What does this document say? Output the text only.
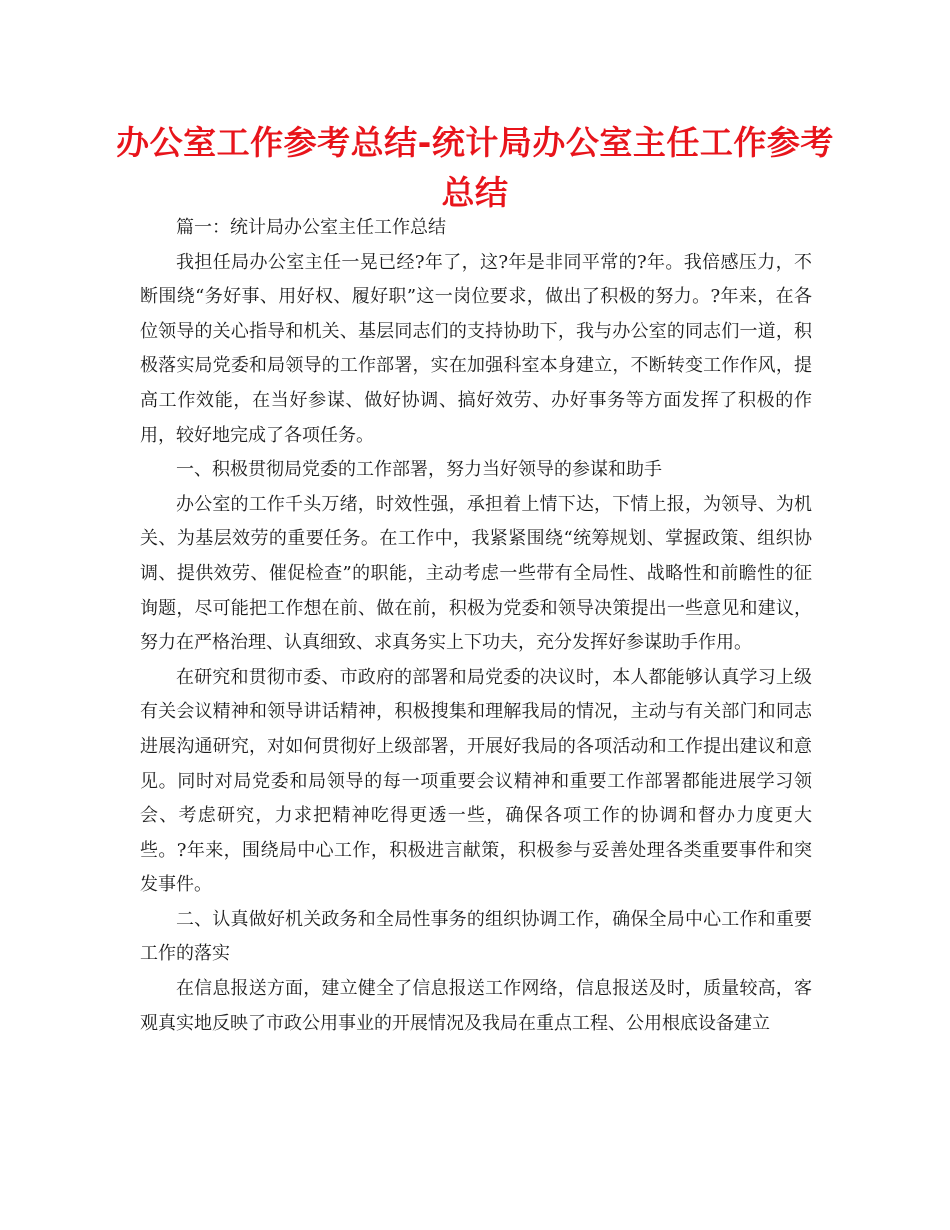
办公室工作参考总结-统计局办公室主任工作参考总结

篇一：统计局办公室主任工作总结

我担任局办公室主任一晃已经?年了，这?年是非同平常的?年。我倍感压力，不断围绕“务好事、用好权、履好职”这一岗位要求，做出了积极的努力。?年来，在各位领导的关心指导和机关、基层同志们的支持协助下，我与办公室的同志们一道，积极落实局党委和局领导的工作部署，实在加强科室本身建立，不断转变工作作风，提高工作效能，在当好参谋、做好协调、搞好效劳、办好事务等方面发挥了积极的作用，较好地完成了各项任务。

一、积极贯彻局党委的工作部署，努力当好领导的参谋和助手

办公室的工作千头万绪，时效性强，承担着上情下达，下情上报，为领导、为机关、为基层效劳的重要任务。在工作中，我紧紧围绕“统筹规划、掌握政策、组织协调、提供效劳、催促检查”的职能，主动考虑一些带有全局性、战略性和前瞻性的征询题，尽可能把工作想在前、做在前，积极为党委和领导决策提出一些意见和建议，努力在严格治理、认真细致、求真务实上下功夫，充分发挥好参谋助手作用。

在研究和贯彻市委、市政府的部署和局党委的决议时，本人都能够认真学习上级有关会议精神和领导讲话精神，积极搜集和理解我局的情况，主动与有关部门和同志进展沟通研究，对如何贯彻好上级部署，开展好我局的各项活动和工作提出建议和意见。同时对局党委和局领导的每一项重要会议精神和重要工作部署都能进展学习领会、考虑研究，力求把精神吃得更透一些，确保各项工作的协调和督办力度更大些。?年来，围绕局中心工作，积极进言献策，积极参与妥善处理各类重要事件和突发事件。

二、认真做好机关政务和全局性事务的组织协调工作，确保全局中心工作和重要工作的落实

在信息报送方面，建立健全了信息报送工作网络，信息报送及时，质量较高，客观真实地反映了市政公用事业的开展情况及我局在重点工程、公用根底设备建立
